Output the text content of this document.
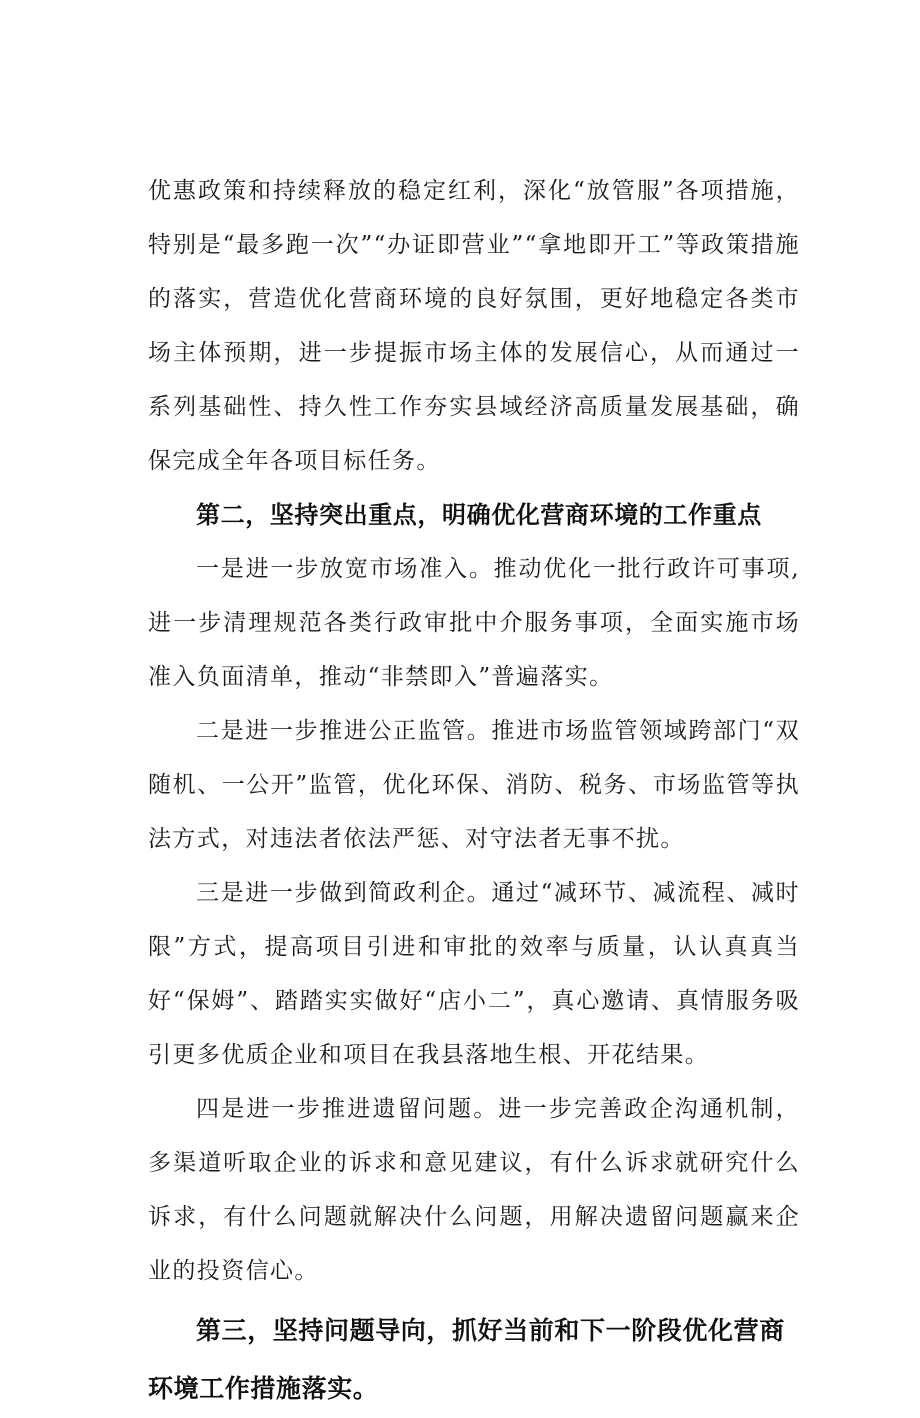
优惠政策和持续释放的稳定红利，深化“放管服”各项措施，特别是“最多跑一次”“办证即营业”“拿地即开工”等政策措施的落实，营造优化营商环境的良好氛围，更好地稳定各类市场主体预期，进一步提振市场主体的发展信心，从而通过一系列基础性、持久性工作夯实县域经济高质量发展基础，确保完成全年各项目标任务。

第二，坚持突出重点，明确优化营商环境的工作重点

一是进一步放宽市场准入。推动优化一批行政许可事项,进一步清理规范各类行政审批中介服务事项，全面实施市场准入负面清单，推动“非禁即入”普遍落实。

二是进一步推进公正监管。推进市场监管领域跨部门“双随机、一公开”监管，优化环保、消防、税务、市场监管等执法方式，对违法者依法严惩、对守法者无事不扰。

三是进一步做到简政利企。通过“减环节、减流程、减时限”方式，提高项目引进和审批的效率与质量，认认真真当好“保姆”、踏踏实实做好“店小二”，真心邀请、真情服务吸引更多优质企业和项目在我县落地生根、开花结果。

四是进一步推进遗留问题。进一步完善政企沟通机制，多渠道听取企业的诉求和意见建议，有什么诉求就研究什么诉求，有什么问题就解决什么问题，用解决遗留问题赢来企业的投资信心。

第三，坚持问题导向，抓好当前和下一阶段优化营商环境工作措施落实。
